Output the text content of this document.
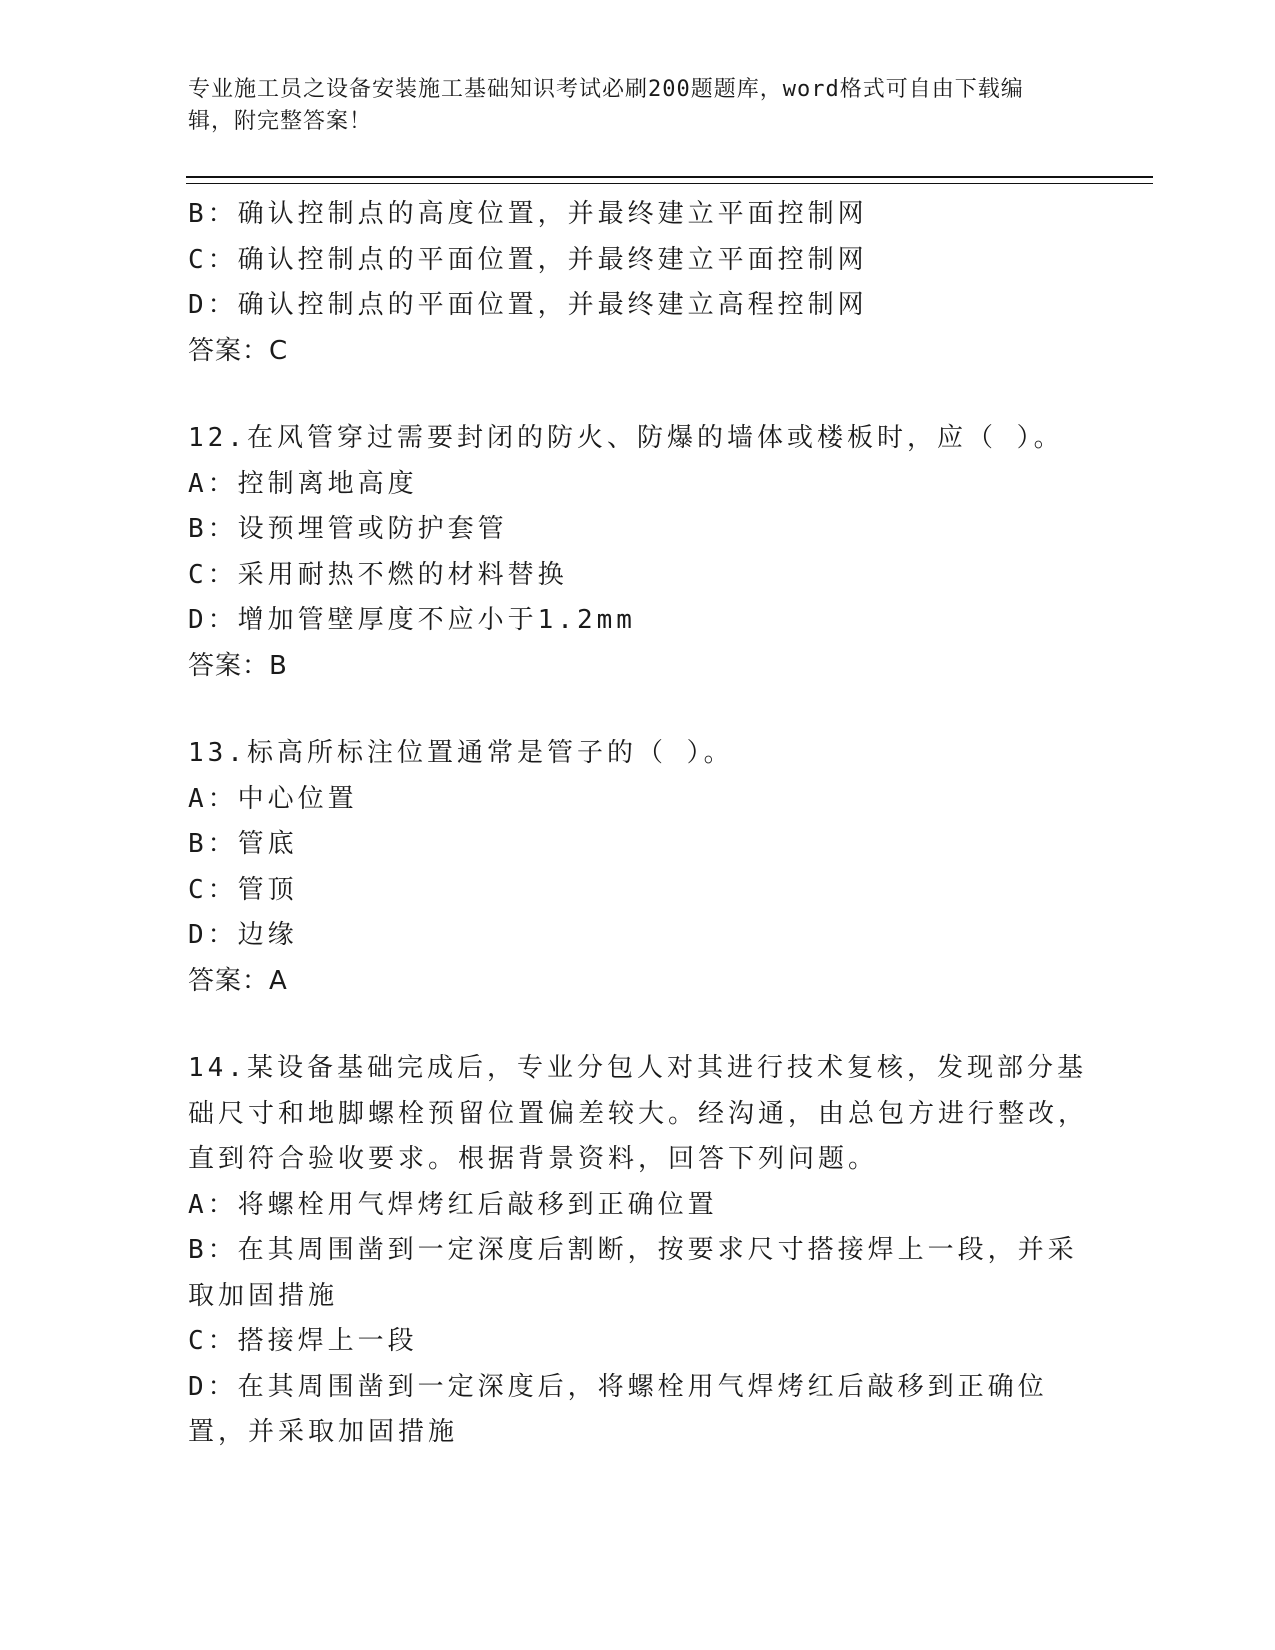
专业施工员之设备安装施工基础知识考试必刷200题题库，word格式可自由下载编辑，附完整答案！
B：确认控制点的高度位置，并最终建立平面控制网
C：确认控制点的平面位置，并最终建立平面控制网
D：确认控制点的平面位置，并最终建立高程控制网
答案：C
12.在风管穿过需要封闭的防火、防爆的墙体或楼板时，应（ ）。
A：控制离地高度
B：设预埋管或防护套管
C：采用耐热不燃的材料替换
D：增加管壁厚度不应小于1.2mm
答案：B
13.标高所标注位置通常是管子的（ ）。
A：中心位置
B：管底
C：管顶
D：边缘
答案：A
14.某设备基础完成后，专业分包人对其进行技术复核，发现部分基础尺寸和地脚螺栓预留位置偏差较大。经沟通，由总包方进行整改，直到符合验收要求。根据背景资料，回答下列问题。
A：将螺栓用气焊烤红后敲移到正确位置
B：在其周围凿到一定深度后割断，按要求尺寸搭接焊上一段，并采取加固措施
C：搭接焊上一段
D：在其周围凿到一定深度后，将螺栓用气焊烤红后敲移到正确位置，并采取加固措施
